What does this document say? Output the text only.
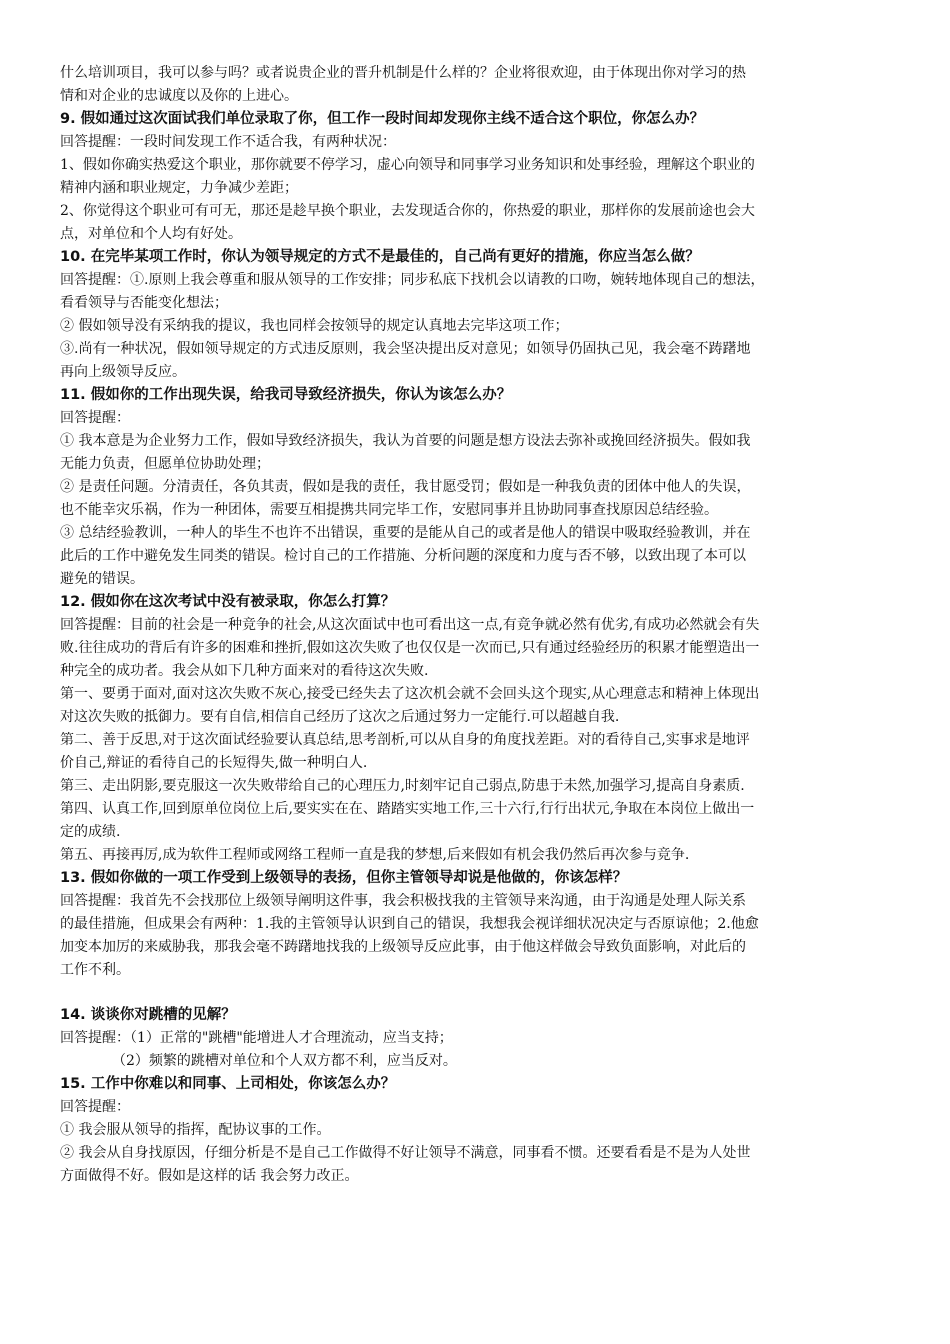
什么培训项目，我可以参与吗？或者说贵企业的晋升机制是什么样的？企业将很欢迎，由于体现出你对学习的热
情和对企业的忠诚度以及你的上进心。
9. 假如通过这次面试我们单位录取了你，但工作一段时间却发现你主线不适合这个职位，你怎么办？
回答提醒：一段时间发现工作不适合我，有两种状况：
1、假如你确实热爱这个职业，那你就要不停学习，虚心向领导和同事学习业务知识和处事经验，理解这个职业的
精神内涵和职业规定，力争减少差距；
2、你觉得这个职业可有可无，那还是趁早换个职业，去发现适合你的，你热爱的职业，那样你的发展前途也会大
点，对单位和个人均有好处。
10. 在完毕某项工作时，你认为领导规定的方式不是最佳的，自己尚有更好的措施，你应当怎么做？
回答提醒：①.原则上我会尊重和服从领导的工作安排；同步私底下找机会以请教的口吻，婉转地体现自己的想法，
看看领导与否能变化想法；
② 假如领导没有采纳我的提议，我也同样会按领导的规定认真地去完毕这项工作；
③.尚有一种状况，假如领导规定的方式违反原则，我会坚决提出反对意见；如领导仍固执己见，我会毫不踌躇地
再向上级领导反应。
11. 假如你的工作出现失误，给我司导致经济损失，你认为该怎么办？
回答提醒：
① 我本意是为企业努力工作，假如导致经济损失，我认为首要的问题是想方设法去弥补或挽回经济损失。假如我
无能力负责，但愿单位协助处理；
② 是责任问题。分清责任，各负其责，假如是我的责任，我甘愿受罚；假如是一种我负责的团体中他人的失误，
也不能幸灾乐祸，作为一种团体，需要互相提携共同完毕工作，安慰同事并且协助同事查找原因总结经验。
③ 总结经验教训，一种人的毕生不也许不出错误，重要的是能从自己的或者是他人的错误中吸取经验教训，并在
此后的工作中避免发生同类的错误。检讨自己的工作措施、分析问题的深度和力度与否不够，以致出现了本可以
避免的错误。
12. 假如你在这次考试中没有被录取，你怎么打算？
回答提醒：目前的社会是一种竞争的社会,从这次面试中也可看出这一点,有竞争就必然有优劣,有成功必然就会有失
败.往往成功的背后有许多的困难和挫折,假如这次失败了也仅仅是一次而已,只有通过经验经历的积累才能塑造出一
种完全的成功者。我会从如下几种方面来对的看待这次失败.
第一、要勇于面对,面对这次失败不灰心,接受已经失去了这次机会就不会回头这个现实,从心理意志和精神上体现出
对这次失败的抵御力。要有自信,相信自己经历了这次之后通过努力一定能行.可以超越自我.
第二、善于反思,对于这次面试经验要认真总结,思考剖析,可以从自身的角度找差距。对的看待自己,实事求是地评
价自己,辩证的看待自己的长短得失,做一种明白人.
第三、走出阴影,要克服这一次失败带给自己的心理压力,时刻牢记自己弱点,防患于未然,加强学习,提高自身素质.
第四、认真工作,回到原单位岗位上后,要实实在在、踏踏实实地工作,三十六行,行行出状元,争取在本岗位上做出一
定的成绩.
第五、再接再厉,成为软件工程师或网络工程师一直是我的梦想,后来假如有机会我仍然后再次参与竞争.
13. 假如你做的一项工作受到上级领导的表扬，但你主管领导却说是他做的，你该怎样？
回答提醒：我首先不会找那位上级领导阐明这件事，我会积极找我的主管领导来沟通，由于沟通是处理人际关系
的最佳措施，但成果会有两种：1.我的主管领导认识到自己的错误，我想我会视详细状况决定与否原谅他；2.他愈
加变本加厉的来威胁我，那我会毫不踌躇地找我的上级领导反应此事，由于他这样做会导致负面影响，对此后的
工作不利。
14. 谈谈你对跳槽的见解？
回答提醒：（1）正常的"跳槽"能增进人才合理流动，应当支持；
（2）频繁的跳槽对单位和个人双方都不利，应当反对。
15. 工作中你难以和同事、上司相处，你该怎么办？
回答提醒：
① 我会服从领导的指挥，配协议事的工作。
② 我会从自身找原因，仔细分析是不是自己工作做得不好让领导不满意，同事看不惯。还要看看是不是为人处世
方面做得不好。假如是这样的话 我会努力改正。
